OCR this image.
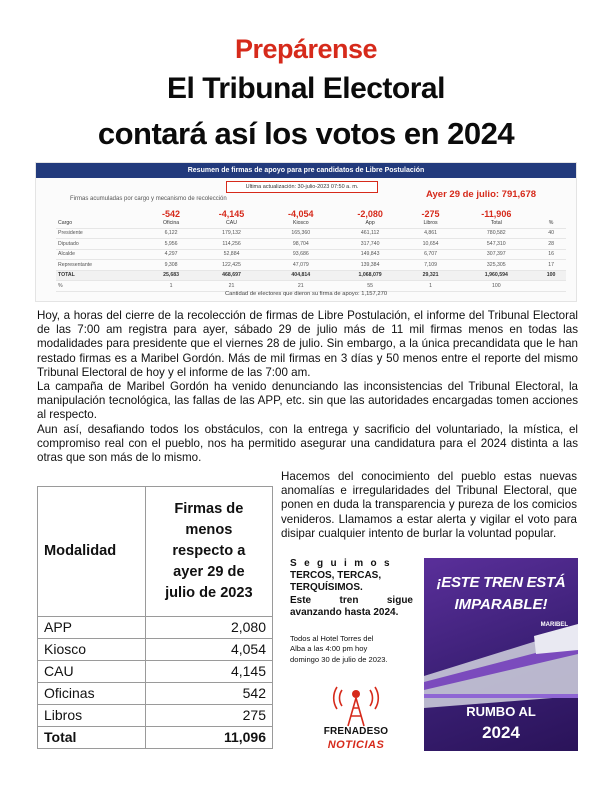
Prepárense
El Tribunal Electoral
contará así los votos en 2024
Resumen de firmas de apoyo para pre candidatos de Libre Postulación
Ultima actualización: 30-julio-2023 07:50 a. m.
Ayer 29 de julio: 791,678
Firmas acumuladas por cargo y mecanismo de recolección
	-542	-4,145	-4,054	-2,080	-275	-11,906	
Cargo	Oficina	CAU	Kiosco	App	Libros	Total	%
Presidente	6,122	179,132	165,360	461,112	4,861	780,582	40
Diputado	5,956	114,256	98,704	317,740	10,654	547,310	28
Alcalde	4,297	52,884	93,686	149,843	6,707	307,397	16
Representante	9,308	122,425	47,079	139,384	7,109	325,305	17
TOTAL	25,683	468,697	404,814	1,068,079	29,321	1,960,594	100
%	1	21	21	55	1	100	
Cantidad de electores que dieron su firma de apoyo: 1,157,270

Hoy, a horas del cierre de la recolección de firmas de Libre Postulación, el informe del Tribunal Electoral de las 7:00 am registra para ayer, sábado 29 de julio más de 11 mil firmas menos en todas las modalidades para presidente que el viernes 28 de julio. Sin embargo, a la única precandidata que le han restado firmas es a Maribel Gordón. Más de mil firmas en 3 días y 50 menos entre el reporte del mismo Tribunal Electoral de hoy y el informe de las 7:00 am.

La campaña de Maribel Gordón ha venido denunciando las inconsistencias del Tribunal Electoral, la manipulación tecnológica, las fallas de las APP, etc. sin que las autoridades encargadas tomen acciones al respecto.

Aun así, desafiando todos los obstáculos, con la entrega y sacrificio del voluntariado, la mística, el compromiso real con el pueblo, nos ha permitido asegurar una candidatura para el 2024 distinta a las otras que son más de lo mismo.

Modalidad	Firmas de
menos
respecto a
ayer 29 de
julio de 2023

APP	2,080
Kiosco	4,054
CAU	4,145
Oficinas	542
Libros	275
Total	11,096

Hacemos del conocimiento del pueblo estas nuevas anomalías e irregularidades del Tribunal Electoral, que ponen en duda la transparencia y pureza de los comicios venideros. Llamamos a estar alerta y vigilar el voto para disipar cualquier intento de burlar la voluntad popular.

Seguimos
TERCOS, TERCAS,
TERQUÍSIMOS.
Este tren sigue avanzando hasta 2024.

Todos al Hotel Torres del Alba a las 4:00 pm hoy domingo 30 de julio de 2023.

FRENADESO
NOTICIAS
¡ESTE TREN ESTÁ
IMPARABLE!
MARIBEL
RUMBO AL
2024
